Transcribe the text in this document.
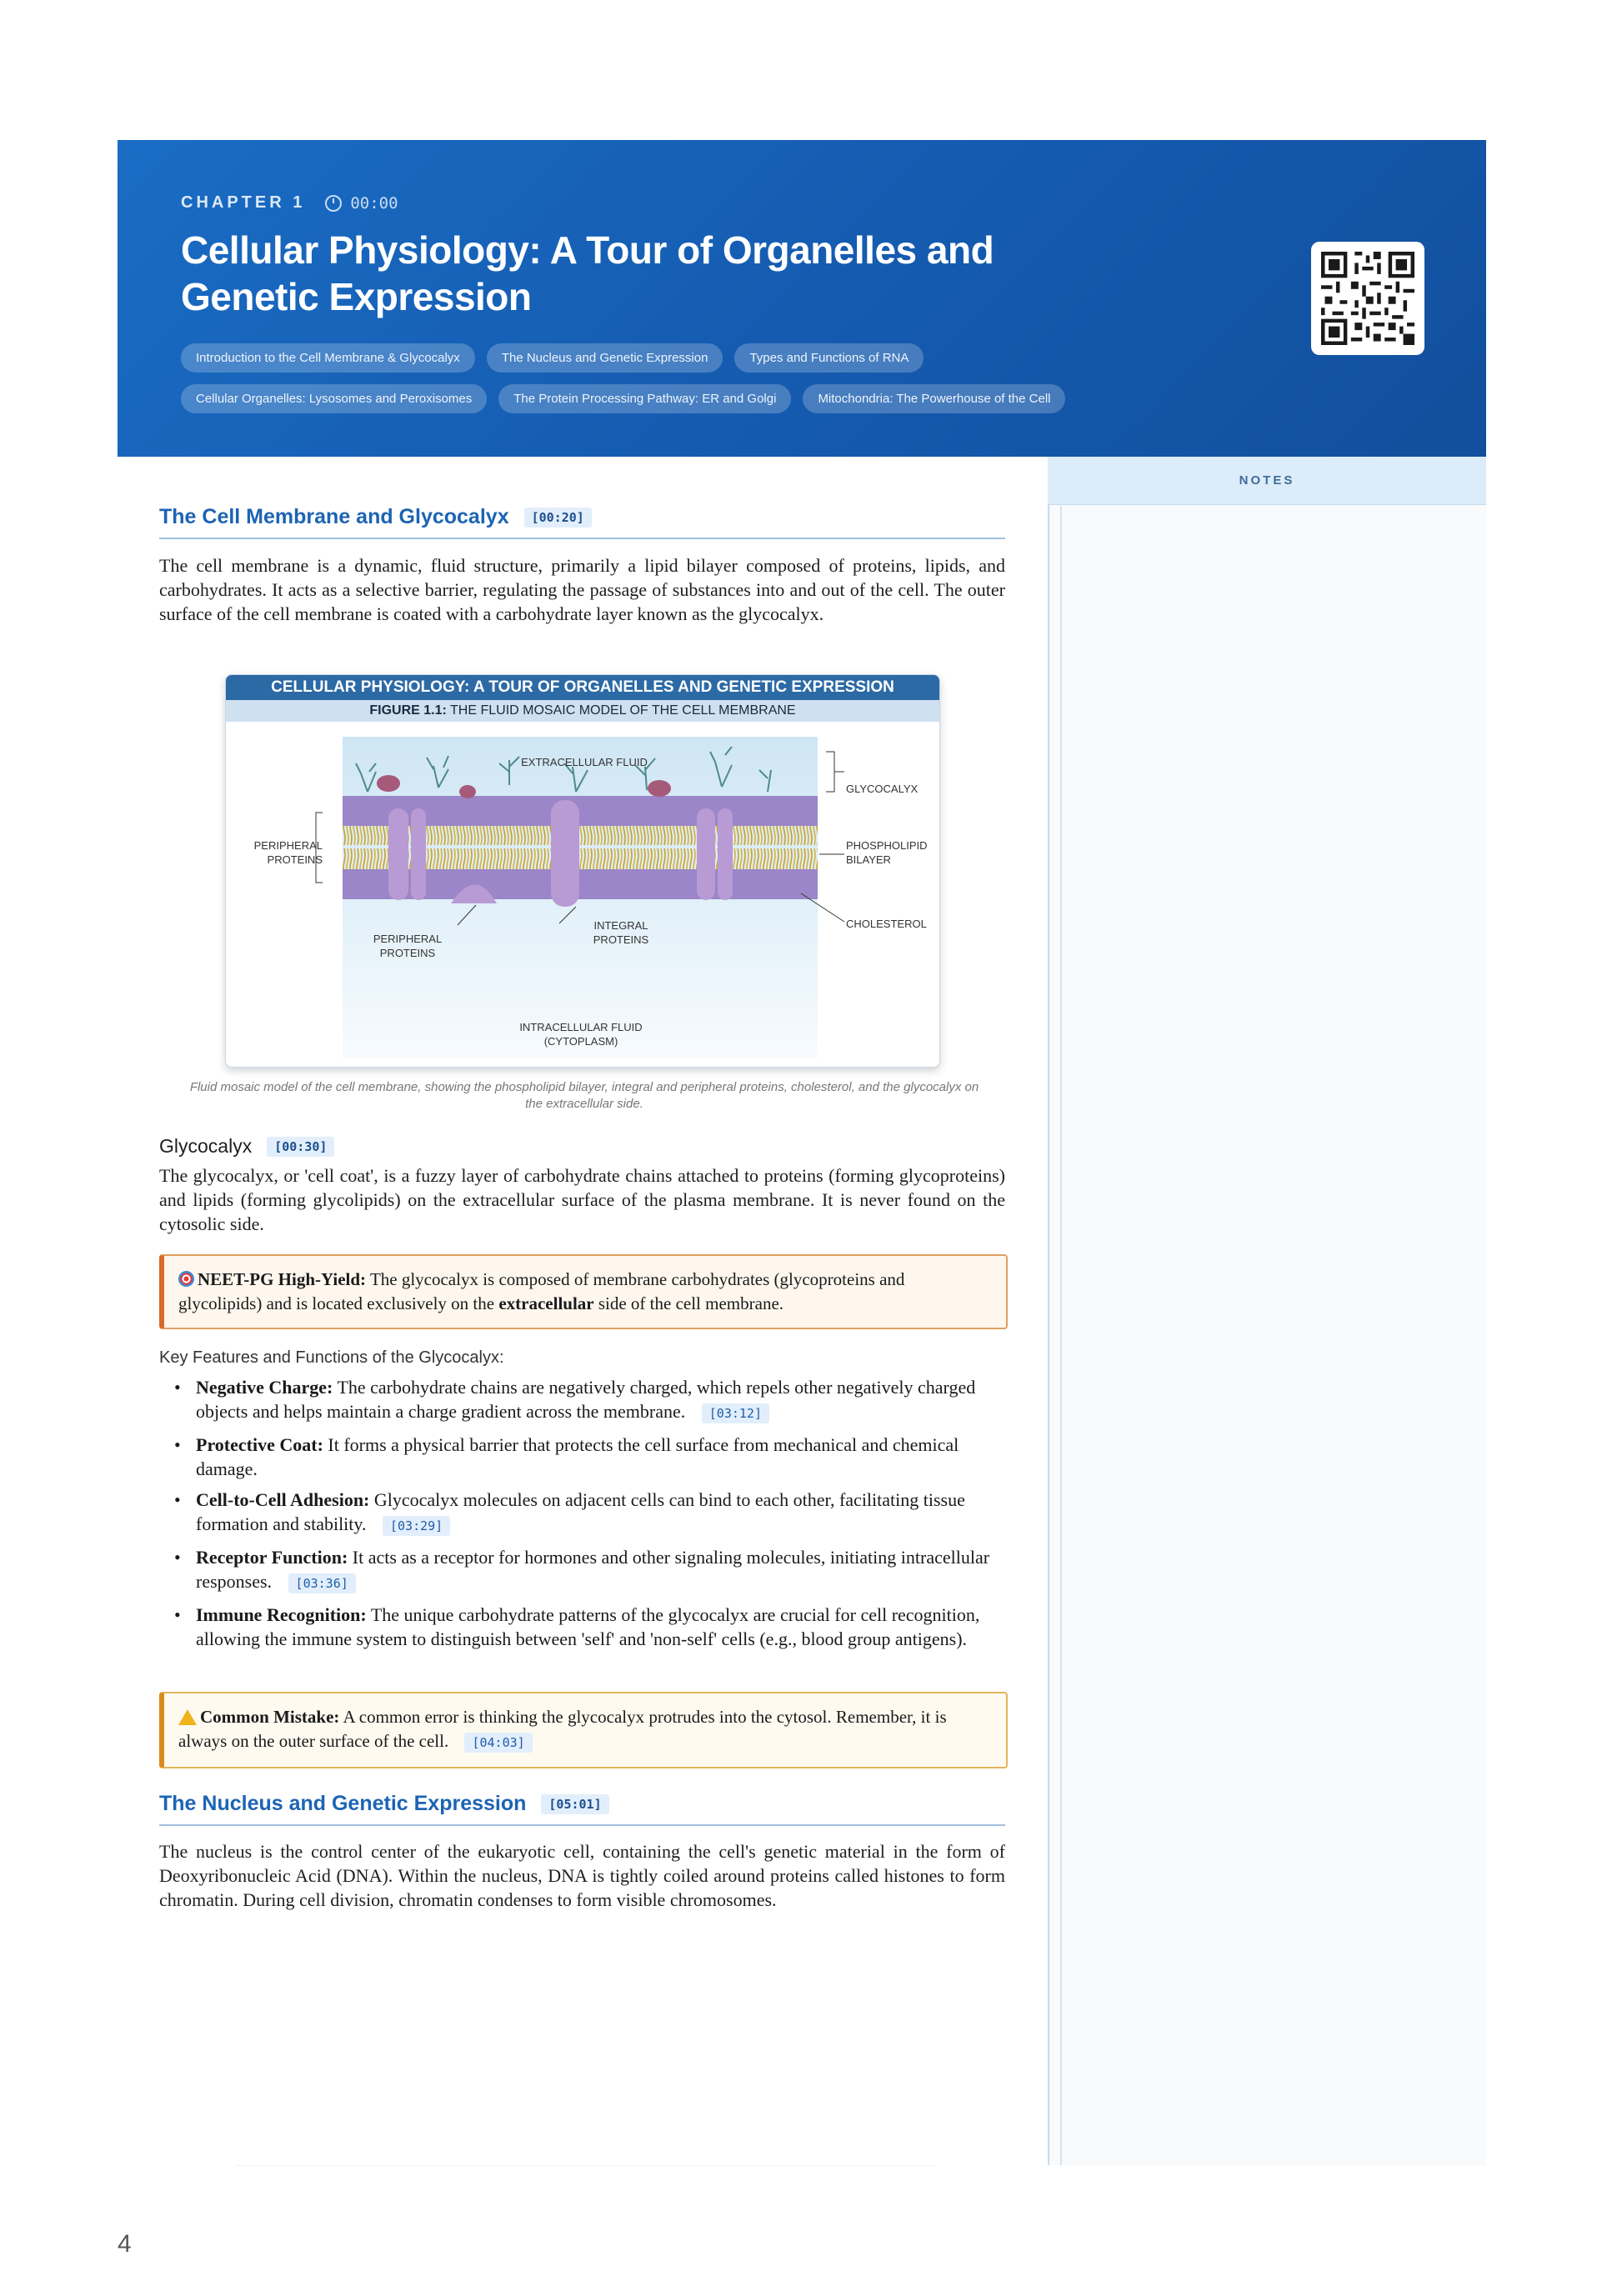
CHAPTER 1	00:00
Cellular Physiology: A Tour of Organelles and Genetic Expression
Introduction to the Cell Membrane & Glycocalyx	The Nucleus and Genetic Expression	Types and Functions of RNA
Cellular Organelles: Lysosomes and Peroxisomes	The Protein Processing Pathway: ER and Golgi	Mitochondria: The Powerhouse of the Cell
NOTES
The Cell Membrane and Glycocalyx	[00:20]

The cell membrane is a dynamic, fluid structure, primarily a lipid bilayer composed of proteins, lipids, and carbohydrates. It acts as a selective barrier, regulating the passage of substances into and out of the cell. The outer surface of the cell membrane is coated with a carbohydrate layer known as the glycocalyx.

CELLULAR PHYSIOLOGY: A TOUR OF ORGANELLES AND GENETIC EXPRESSION
FIGURE 1.1: THE FLUID MOSAIC MODEL OF THE CELL MEMBRANE
EXTRACELLULAR FLUID
GLYCOCALYX
PERIPHERAL PROTEINS
PHOSPHOLIPID BILAYER
CHOLESTEROL
INTEGRAL PROTEINS
PERIPHERAL PROTEINS
INTRACELLULAR FLUID (CYTOPLASM)

Fluid mosaic model of the cell membrane, showing the phospholipid bilayer, integral and peripheral proteins, cholesterol, and the glycocalyx on the extracellular side.

Glycocalyx	[00:30]

The glycocalyx, or 'cell coat', is a fuzzy layer of carbohydrate chains attached to proteins (forming glycoproteins) and lipids (forming glycolipids) on the extracellular surface of the plasma membrane. It is never found on the cytosolic side.

NEET-PG High-Yield: The glycocalyx is composed of membrane carbohydrates (glycoproteins and glycolipids) and is located exclusively on the extracellular side of the cell membrane.

Key Features and Functions of the Glycocalyx:

• Negative Charge: The carbohydrate chains are negatively charged, which repels other negatively charged objects and helps maintain a charge gradient across the membrane. [03:12]
• Protective Coat: It forms a physical barrier that protects the cell surface from mechanical and chemical damage.
• Cell-to-Cell Adhesion: Glycocalyx molecules on adjacent cells can bind to each other, facilitating tissue formation and stability. [03:29]
• Receptor Function: It acts as a receptor for hormones and other signaling molecules, initiating intracellular responses. [03:36]
• Immune Recognition: The unique carbohydrate patterns of the glycocalyx are crucial for cell recognition, allowing the immune system to distinguish between 'self' and 'non-self' cells (e.g., blood group antigens).
Common Mistake: A common error is thinking the glycocalyx protrudes into the cytosol. Remember, it is always on the outer surface of the cell. [04:03]
The Nucleus and Genetic Expression	[05:01]

The nucleus is the control center of the eukaryotic cell, containing the cell's genetic material in the form of Deoxyribonucleic Acid (DNA). Within the nucleus, DNA is tightly coiled around proteins called histones to form chromatin. During cell division, chromatin condenses to form visible chromosomes.

4
